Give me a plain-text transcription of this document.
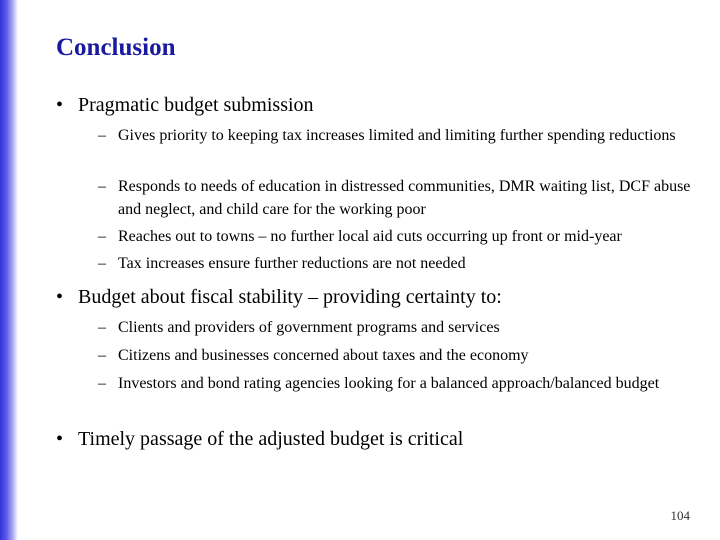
Conclusion
• Pragmatic budget submission
– Gives priority to keeping tax increases limited and limiting further spending reductions
– Responds to needs of education in distressed communities, DMR waiting list, DCF abuse and neglect, and child care for the working poor
– Reaches out to towns – no further local aid cuts occurring up front or mid-year
– Tax increases ensure further reductions are not needed
• Budget about fiscal stability – providing certainty to:
– Clients and providers of government programs and services
– Citizens and businesses concerned about taxes and the economy
– Investors and bond rating agencies looking for a balanced approach/balanced budget
• Timely passage of the adjusted budget is critical
104
